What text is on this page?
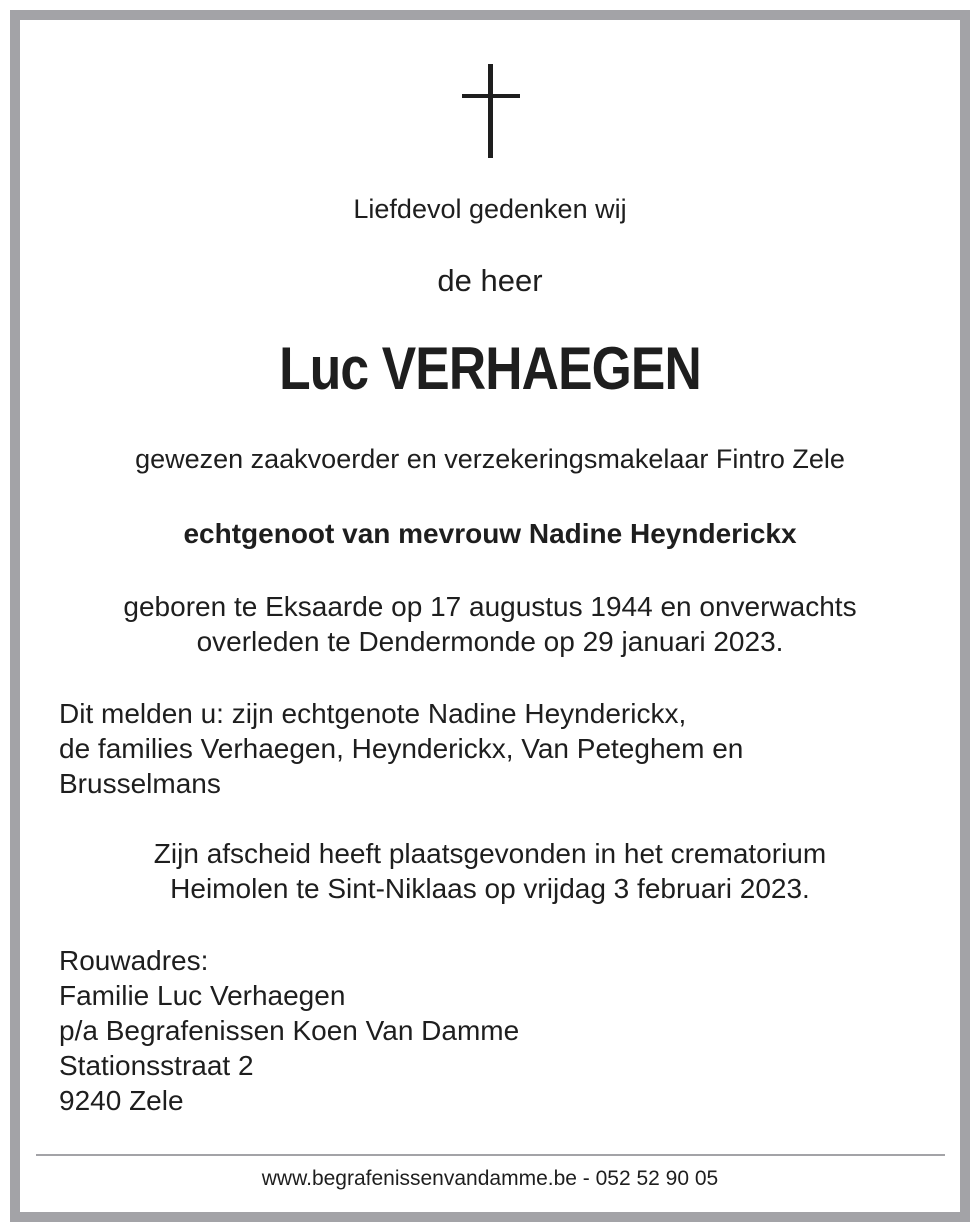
Liefdevol gedenken wij
de heer
Luc VERHAEGEN
gewezen zaakvoerder en verzekeringsmakelaar Fintro Zele
echtgenoot van mevrouw Nadine Heynderickx
geboren te Eksaarde op 17 augustus 1944 en onverwachts
overleden te Dendermonde op 29 januari 2023.
Dit melden u: zijn echtgenote Nadine Heynderickx,
de families Verhaegen, Heynderickx, Van Peteghem en
Brusselmans
Zijn afscheid heeft plaatsgevonden in het crematorium
Heimolen te Sint-Niklaas op vrijdag 3 februari 2023.
Rouwadres:
Familie Luc Verhaegen
p/a Begrafenissen Koen Van Damme
Stationsstraat 2
9240 Zele
www.begrafenissenvandamme.be - 052 52 90 05
